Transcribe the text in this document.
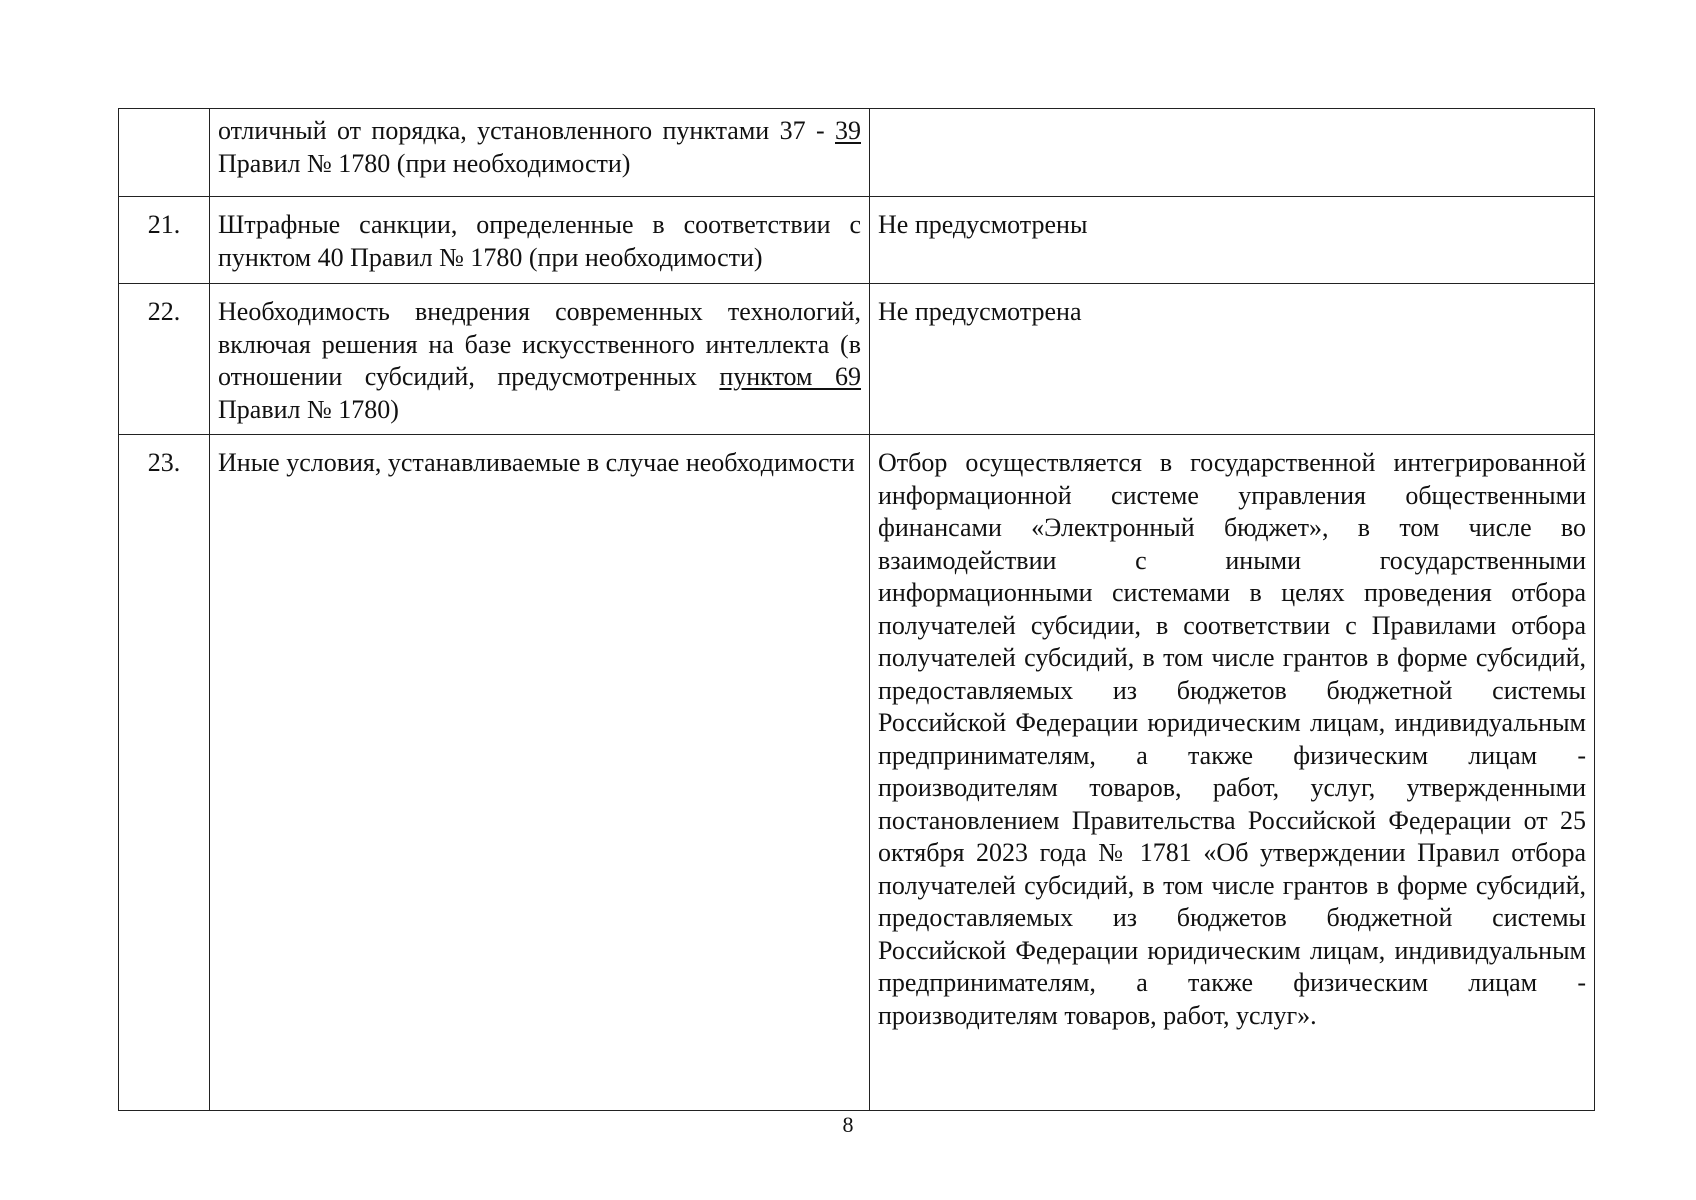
	отличный от порядка, установленного пунктами 37 - 39 Правил № 1780 (при необходимости)	
21.	Штрафные санкции, определенные в соответствии с пунктом 40 Правил № 1780 (при необходимости)	Не предусмотрены
22.	Необходимость внедрения современных технологий, включая решения на базе искусственного интеллекта (в отношении субсидий, предусмотренных пунктом 69 Правил № 1780)	Не предусмотрена
23.	Иные условия, устанавливаемые в случае необходимости	Отбор осуществляется в государственной интегрированной информационной системе управления общественными финансами «Электронный бюджет», в том числе во взаимодействии с иными государственными информационными системами в целях проведения отбора получателей субсидии, в соответствии с Правилами отбора получателей субсидий, в том числе грантов в форме субсидий, предоставляемых из бюджетов бюджетной системы Российской Федерации юридическим лицам, индивидуальным предпринимателям, а также физическим лицам - производителям товаров, работ, услуг, утвержденными постановлением Правительства Российской Федерации от 25 октября 2023 года № 1781 «Об утверждении Правил отбора получателей субсидий, в том числе грантов в форме субсидий, предоставляемых из бюджетов бюджетной системы Российской Федерации юридическим лицам, индивидуальным предпринимателям, а также физическим лицам - производителям товаров, работ, услуг».
8
